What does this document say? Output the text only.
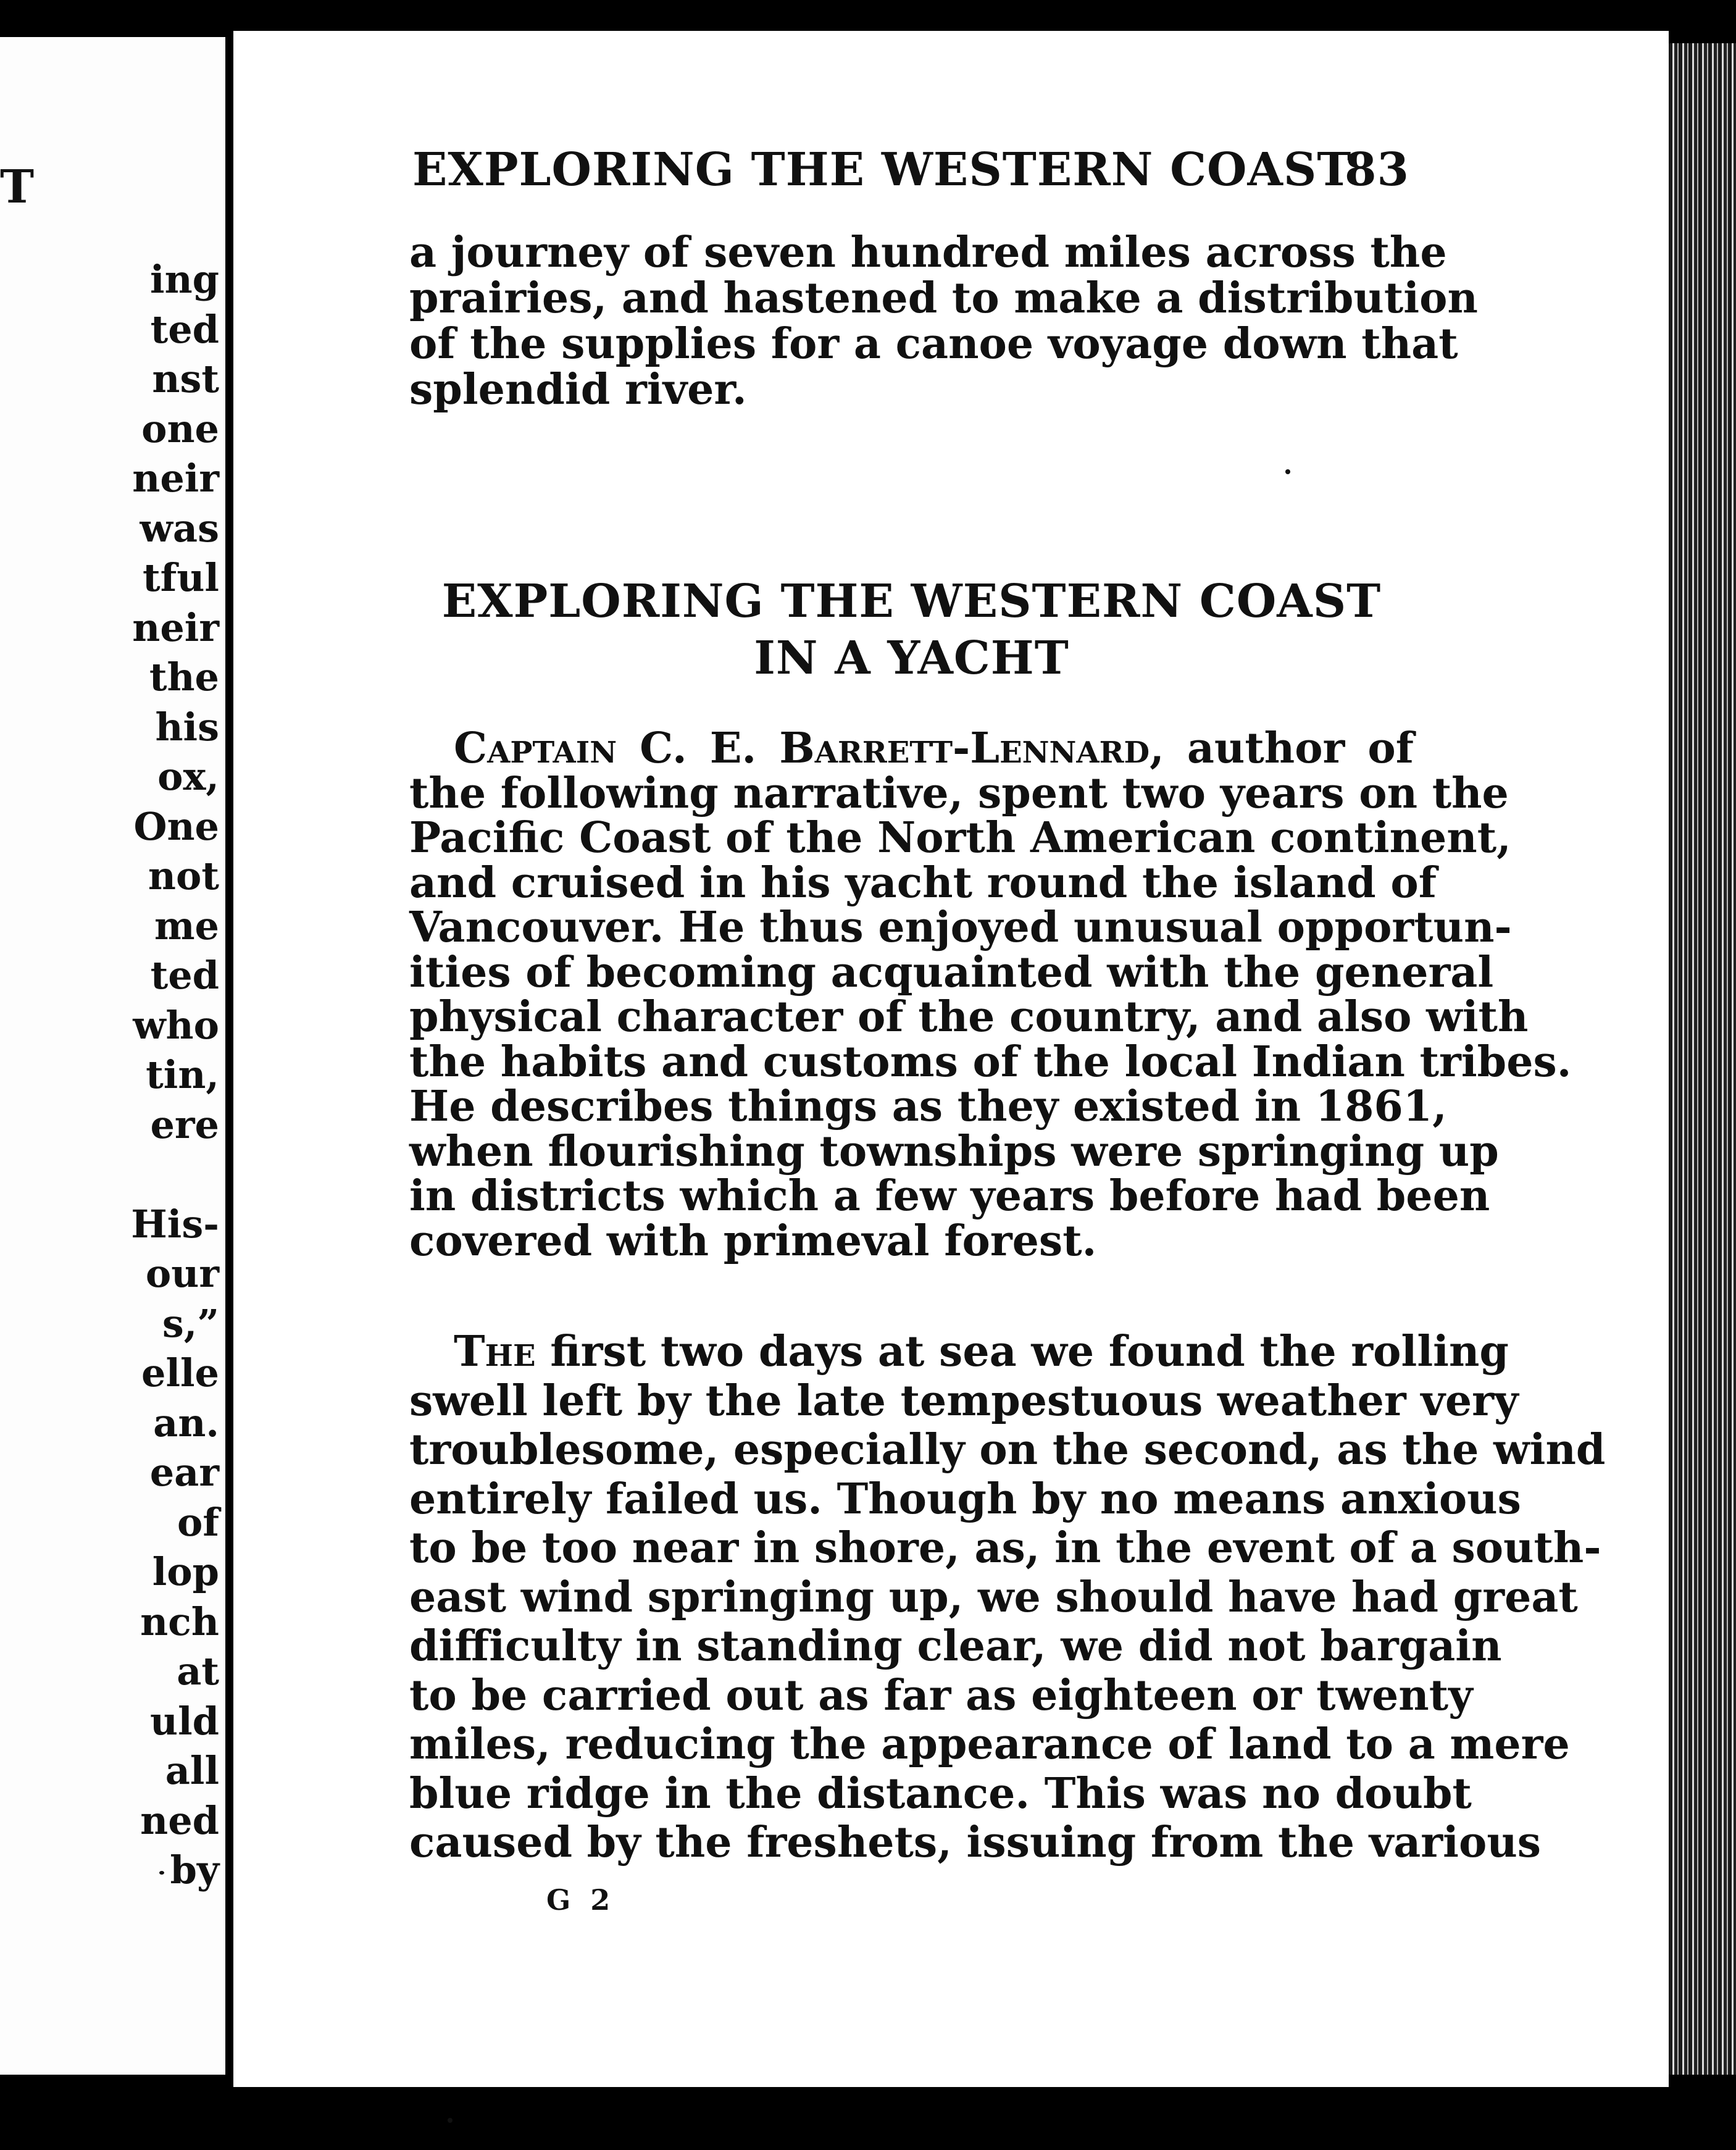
T
ing
ted
nst
one
neir
was
tful
neir
the
his
ox,
One
not
me
ted
who
tin,
ere
His-
our
s,”
elle
an.
ear
of
lop
nch
at
uld
all
ned
by
EXPLORING THE WESTERN COAST
83
a journey of seven hundred miles across the
prairies, and hastened to make a distribution
of the supplies for a canoe voyage down that
splendid river.
EXPLORING THE WESTERN COAST
IN A YACHT
Captain C. E. Barrett-Lennard, author of
the following narrative, spent two years on the
Pacific Coast of the North American continent,
and cruised in his yacht round the island of
Vancouver. He thus enjoyed unusual opportun-
ities of becoming acquainted with the general
physical character of the country, and also with
the habits and customs of the local Indian tribes.
He describes things as they existed in 1861,
when flourishing townships were springing up
in districts which a few years before had been
covered with primeval forest.
The first two days at sea we found the rolling
swell left by the late tempestuous weather very
troublesome, especially on the second, as the wind
entirely failed us. Though by no means anxious
to be too near in shore, as, in the event of a south-
east wind springing up, we should have had great
difficulty in standing clear, we did not bargain
to be carried out as far as eighteen or twenty
miles, reducing the appearance of land to a mere
blue ridge in the distance. This was no doubt
caused by the freshets, issuing from the various
G 2
